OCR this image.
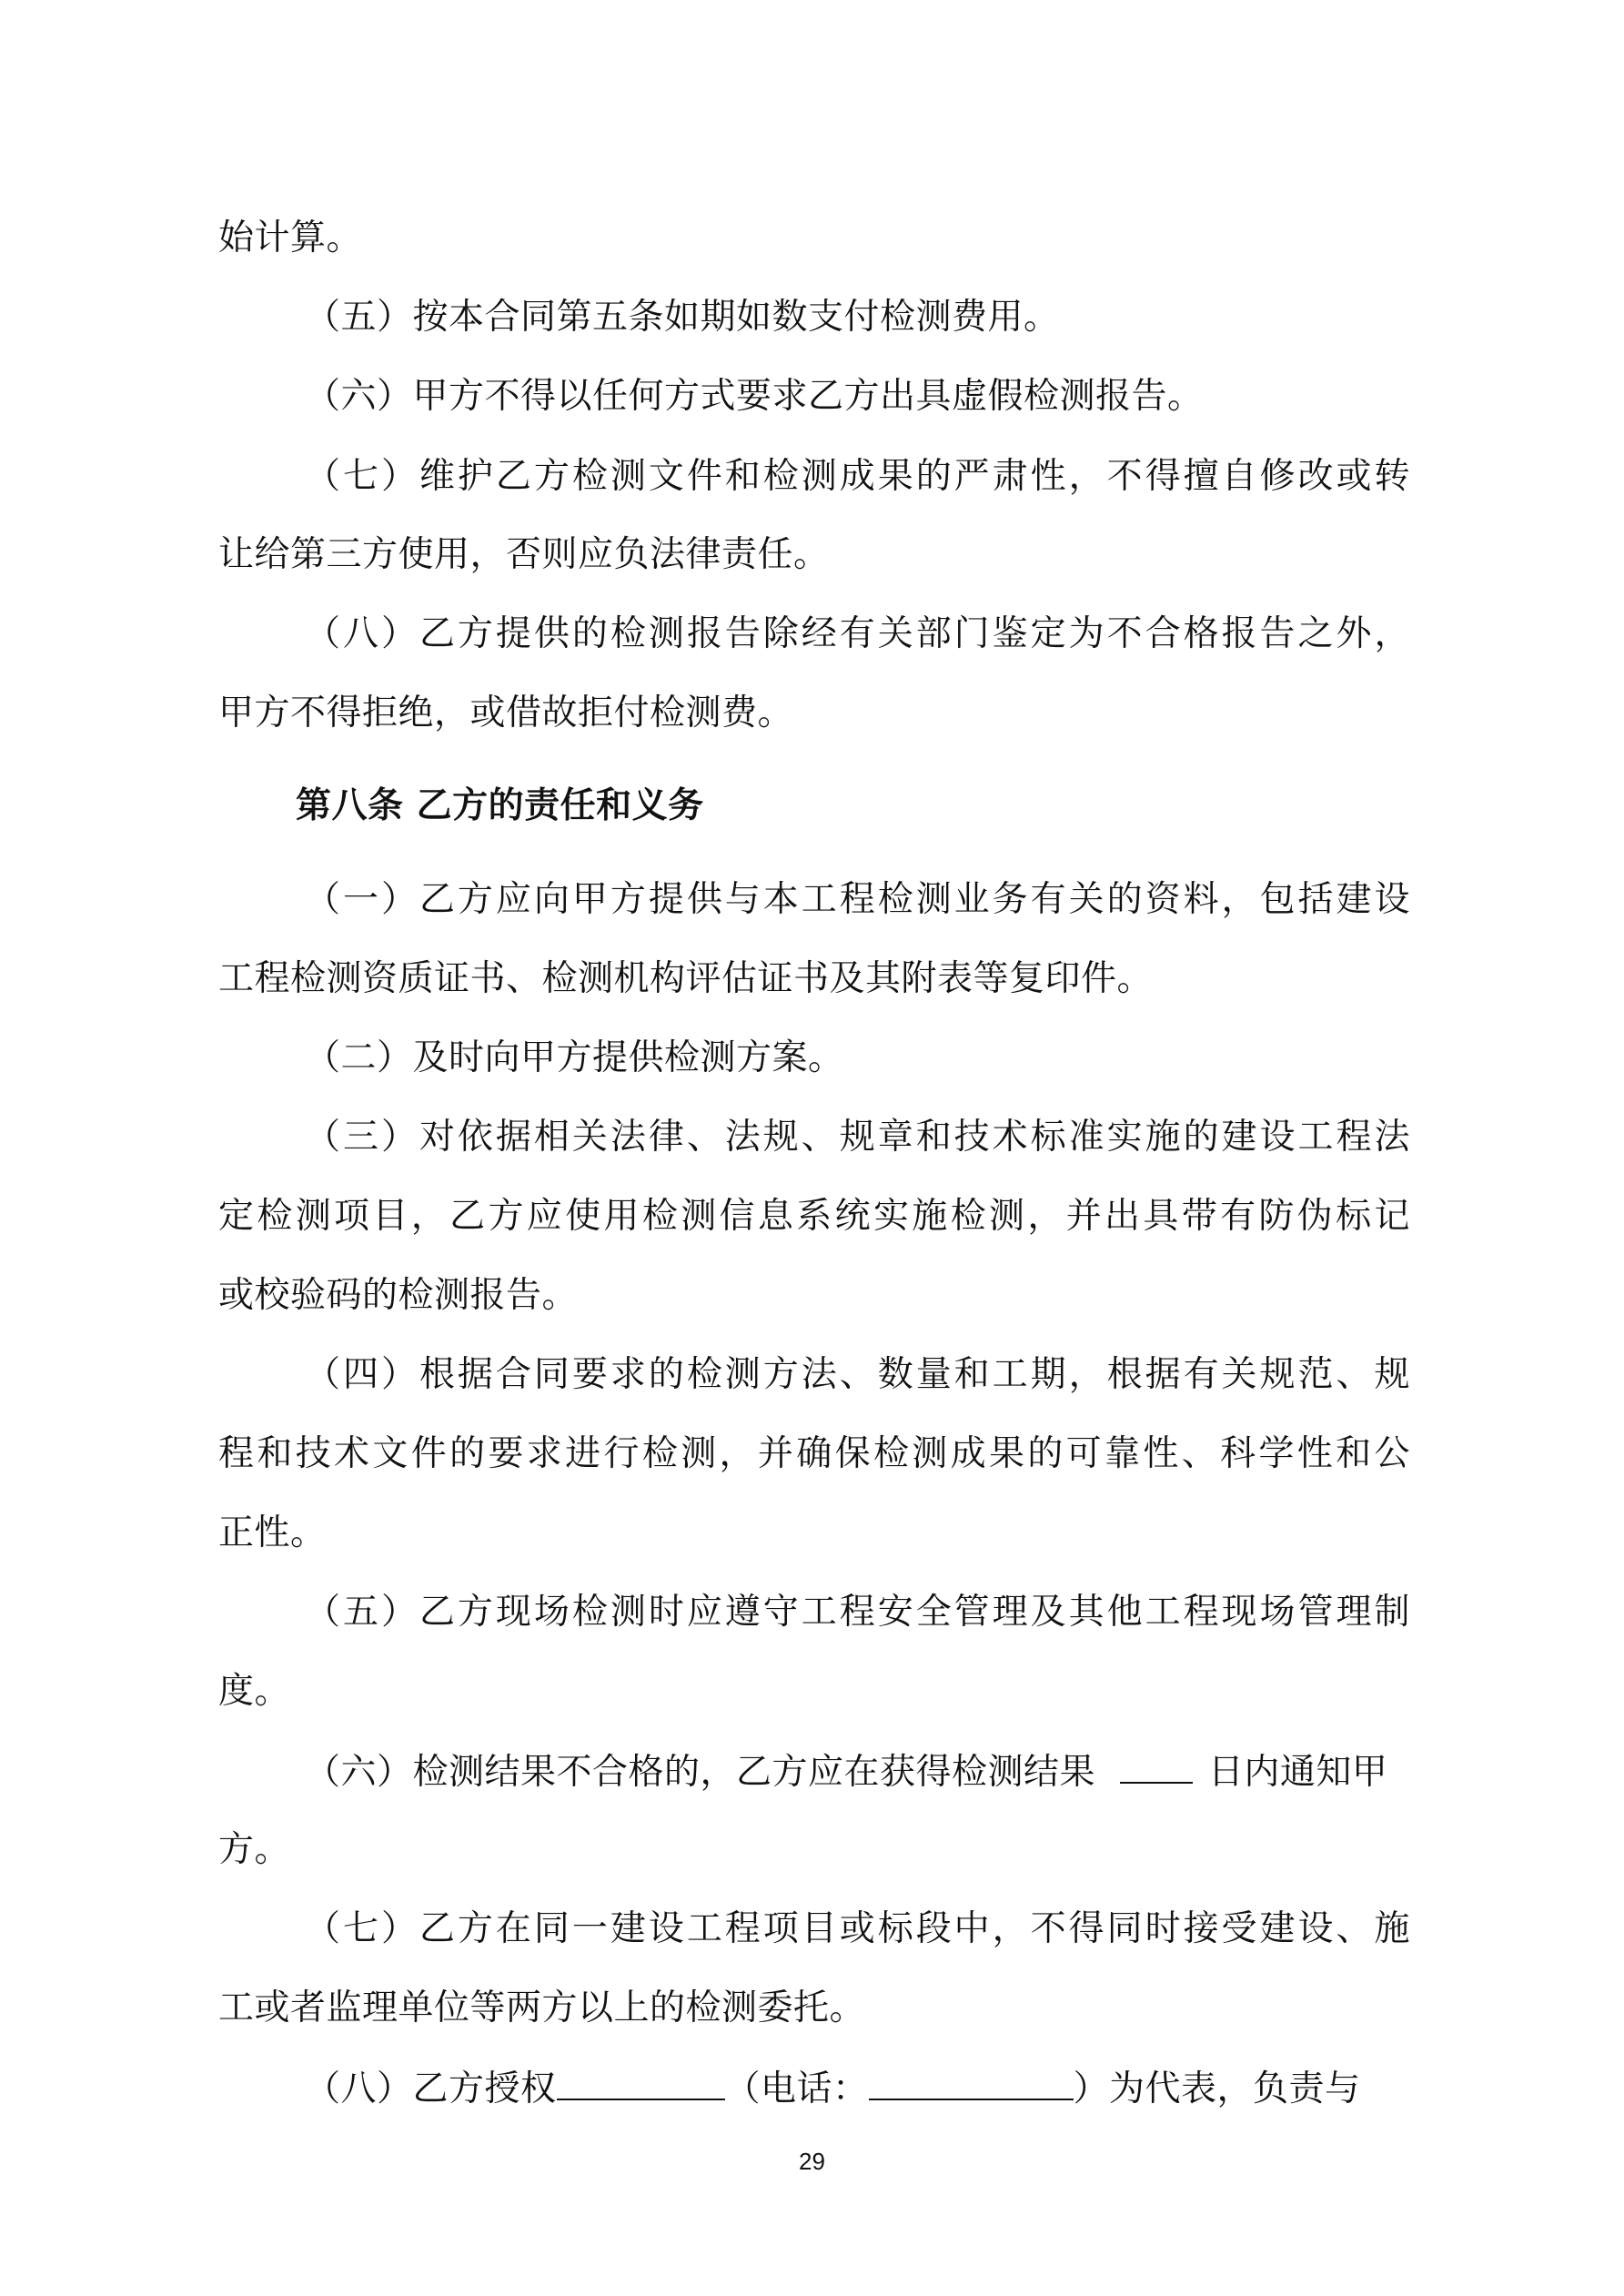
始计算。
（五）按本合同第五条如期如数支付检测费用。
（六）甲方不得以任何方式要求乙方出具虚假检测报告。
（七）维护乙方检测文件和检测成果的严肃性，不得擅自修改或转
让给第三方使用，否则应负法律责任。
（八）乙方提供的检测报告除经有关部门鉴定为不合格报告之外，
甲方不得拒绝，或借故拒付检测费。
第八条 乙方的责任和义务
（一）乙方应向甲方提供与本工程检测业务有关的资料，包括建设
工程检测资质证书、检测机构评估证书及其附表等复印件。
（二）及时向甲方提供检测方案。
（三）对依据相关法律、法规、规章和技术标准实施的建设工程法
定检测项目，乙方应使用检测信息系统实施检测，并出具带有防伪标记
或校验码的检测报告。
（四）根据合同要求的检测方法、数量和工期，根据有关规范、规
程和技术文件的要求进行检测，并确保检测成果的可靠性、科学性和公
正性。
（五）乙方现场检测时应遵守工程安全管理及其他工程现场管理制
度。
（六）检测结果不合格的，乙方应在获得检测结果	日内通知甲
方。
（七）乙方在同一建设工程项目或标段中，不得同时接受建设、施
工或者监理单位等两方以上的检测委托。
（八）乙方授权	（电话：	）为代表，负责与
29
